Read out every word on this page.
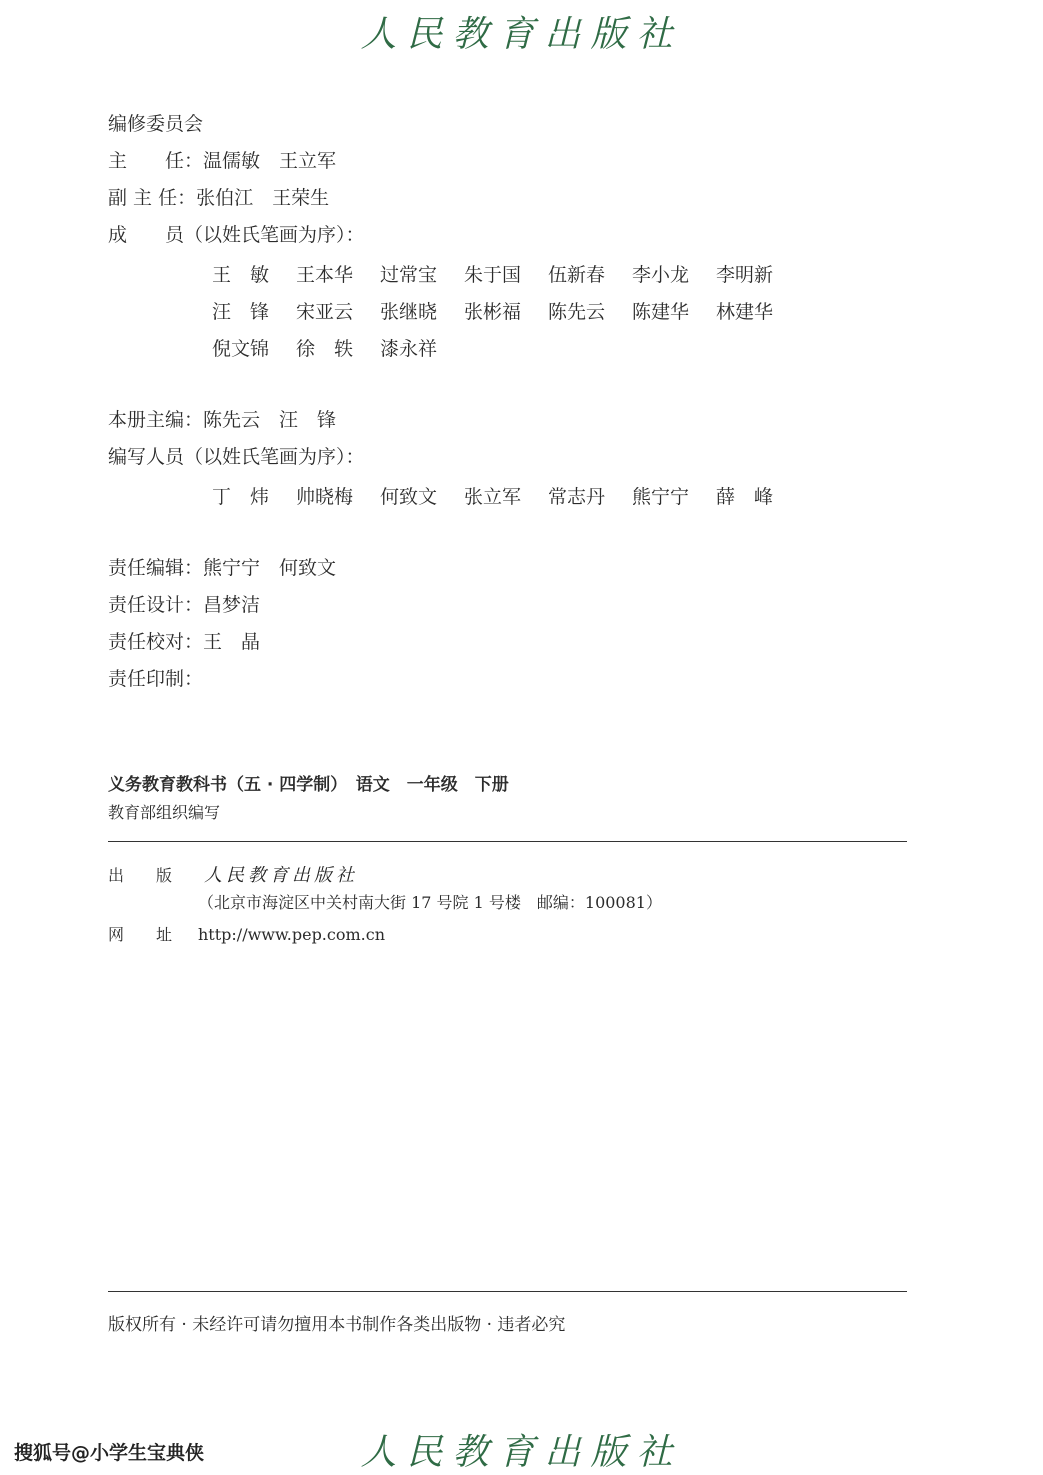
人民教育出版社
编修委员会
主　　任：温儒敏　王立军
副 主 任：张伯江　王荣生
成　　员（以姓氏笔画为序）：
王　敏 王本华 过常宝 朱于国 伍新春 李小龙 李明新
汪　锋 宋亚云 张继晓 张彬福 陈先云 陈建华 林建华
倪文锦 徐　轶 漆永祥
本册主编：陈先云　汪　锋
编写人员（以姓氏笔画为序）：
丁　炜 帅晓梅 何致文 张立军 常志丹 熊宁宁 薛　峰
责任编辑：熊宁宁　何致文
责任设计：昌梦洁
责任校对：王　晶
责任印制：
义务教育教科书（五 · 四学制）　语文　一年级　下册
教育部组织编写
出　　版 人民教育出版社
（北京市海淀区中关村南大街 17 号院 1 号楼　邮编：100081）
网　　址 http://www.pep.com.cn
版权所有 · 未经许可请勿擅用本书制作各类出版物 · 违者必究
人民教育出版社
搜狐号@小学生宝典侠
